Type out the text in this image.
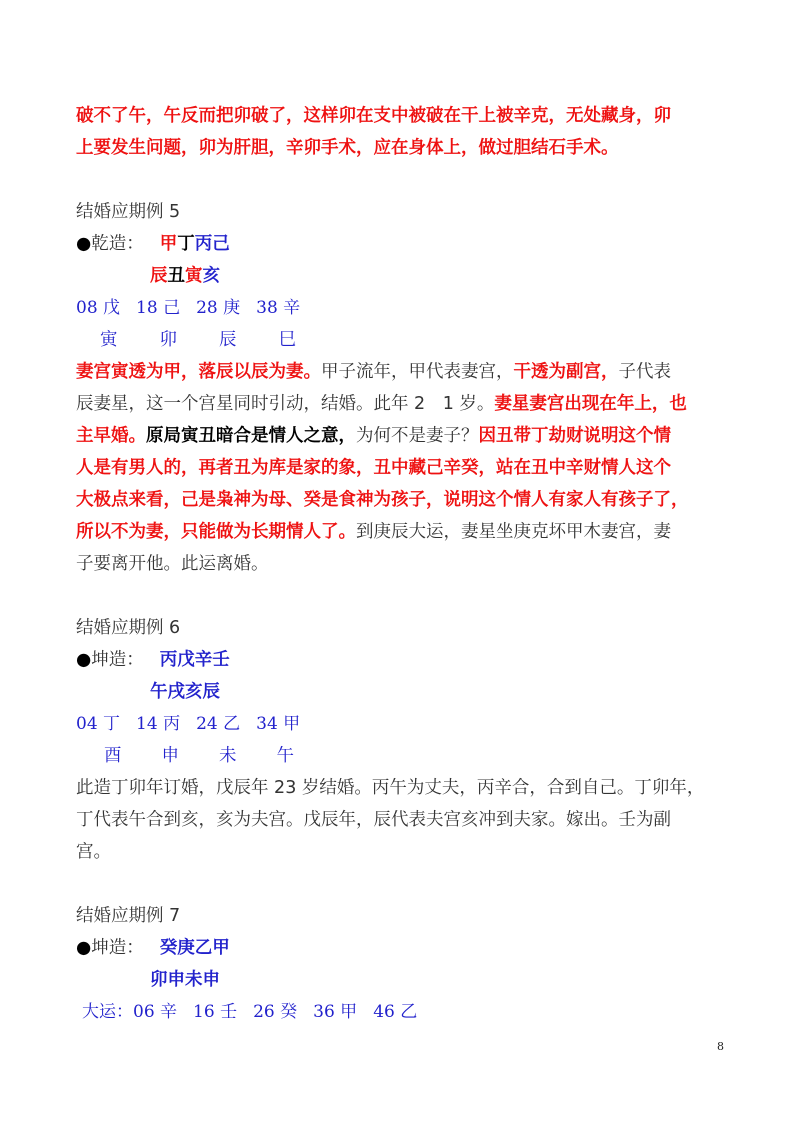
破不了午，午反而把卯破了，这样卯在支中被破在干上被辛克，无处藏身，卯
上要发生问题，卯为肝胆，辛卯手术，应在身体上，做过胆结石手术。
结婚应期例 5
●乾造： 甲丁丙己
辰丑寅亥
08 戊 18 己 28 庚 38 辛
寅 卯 辰 巳
妻宫寅透为甲，落辰以辰为妻。甲子流年，甲代表妻宫，干透为副宫，子代表
辰妻星，这一个宫星同时引动，结婚。此年 2　1 岁。妻星妻宫出现在年上，也
主早婚。原局寅丑暗合是情人之意，为何不是妻子？因丑带丁劫财说明这个情
人是有男人的，再者丑为库是家的象，丑中藏己辛癸，站在丑中辛财情人这个
大极点来看，己是枭神为母、癸是食神为孩子，说明这个情人有家人有孩子了，
所以不为妻，只能做为长期情人了。到庚辰大运，妻星坐庚克坏甲木妻宫，妻
子要离开他。此运离婚。
结婚应期例 6
●坤造： 丙戊辛壬
午戌亥辰
04 丁 14 丙 24 乙 34 甲
酉 申 未 午
此造丁卯年订婚，戊辰年 23 岁结婚。丙午为丈夫，丙辛合，合到自己。丁卯年，
丁代表午合到亥，亥为夫宫。戊辰年，辰代表夫宫亥冲到夫家。嫁出。壬为副
宫。
结婚应期例 7
●坤造： 癸庚乙甲
卯申未申
大运：06 辛 16 壬 26 癸 36 甲 46 乙
8
